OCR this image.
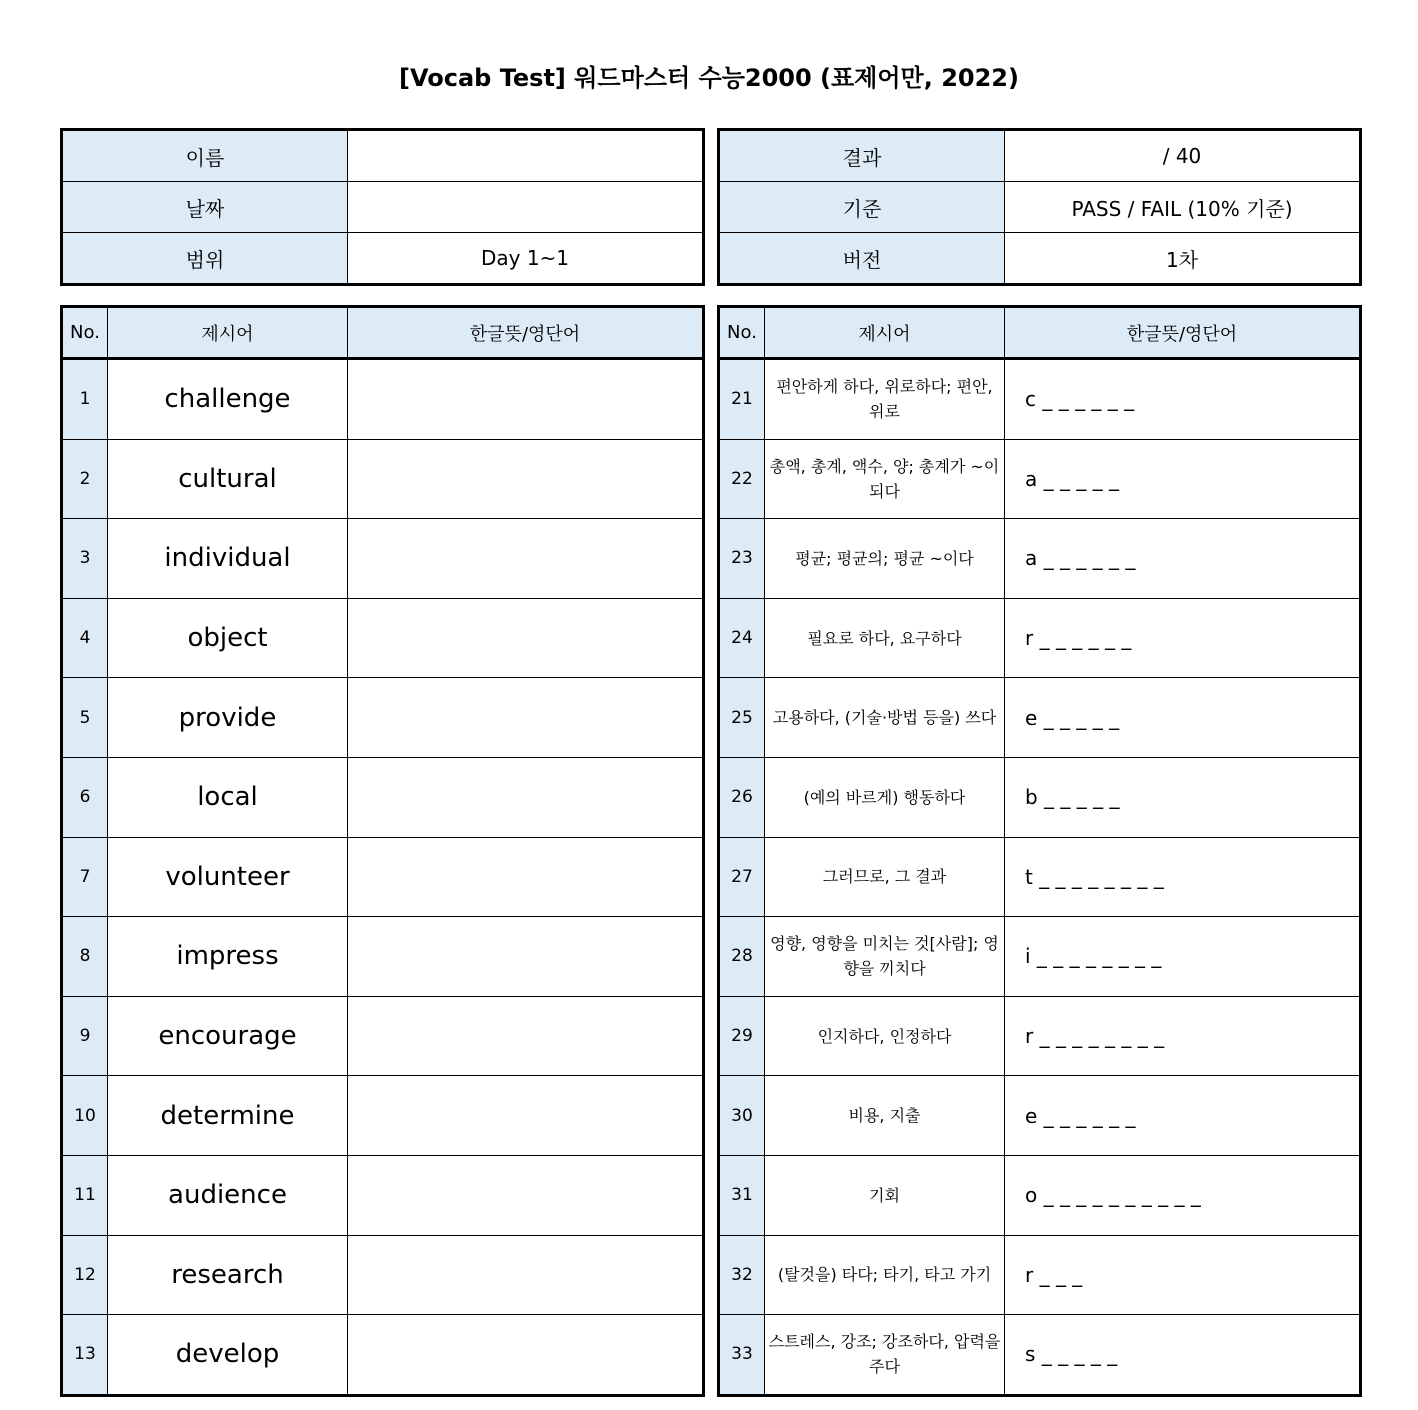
[Vocab Test] 워드마스터 수능2000 (표제어만, 2022)
이름	
날짜	
범위	Day 1~1
결과	/ 40
기준	PASS / FAIL (10% 기준)
버전	1차
No.	제시어	한글뜻/영단어
1	challenge	
2	cultural	
3	individual	
4	object	
5	provide	
6	local	
7	volunteer	
8	impress	
9	encourage	
10	determine	
11	audience	
12	research	
13	develop	
No.	제시어	한글뜻/영단어
21	편안하게 하다, 위로하다; 편안, 위로	c _ _ _ _ _ _
22	총액, 총계, 액수, 양; 총계가 ~이 되다	a _ _ _ _ _
23	평균; 평균의; 평균 ~이다	a _ _ _ _ _ _
24	필요로 하다, 요구하다	r _ _ _ _ _ _
25	고용하다, (기술·방법 등을) 쓰다	e _ _ _ _ _
26	(예의 바르게) 행동하다	b _ _ _ _ _
27	그러므로, 그 결과	t _ _ _ _ _ _ _ _
28	영향, 영향을 미치는 것[사람]; 영향을 끼치다	i _ _ _ _ _ _ _ _
29	인지하다, 인정하다	r _ _ _ _ _ _ _ _
30	비용, 지출	e _ _ _ _ _ _
31	기회	o _ _ _ _ _ _ _ _ _ _
32	(탈것을) 타다; 타기, 타고 가기	r _ _ _
33	스트레스, 강조; 강조하다, 압력을 주다	s _ _ _ _ _
